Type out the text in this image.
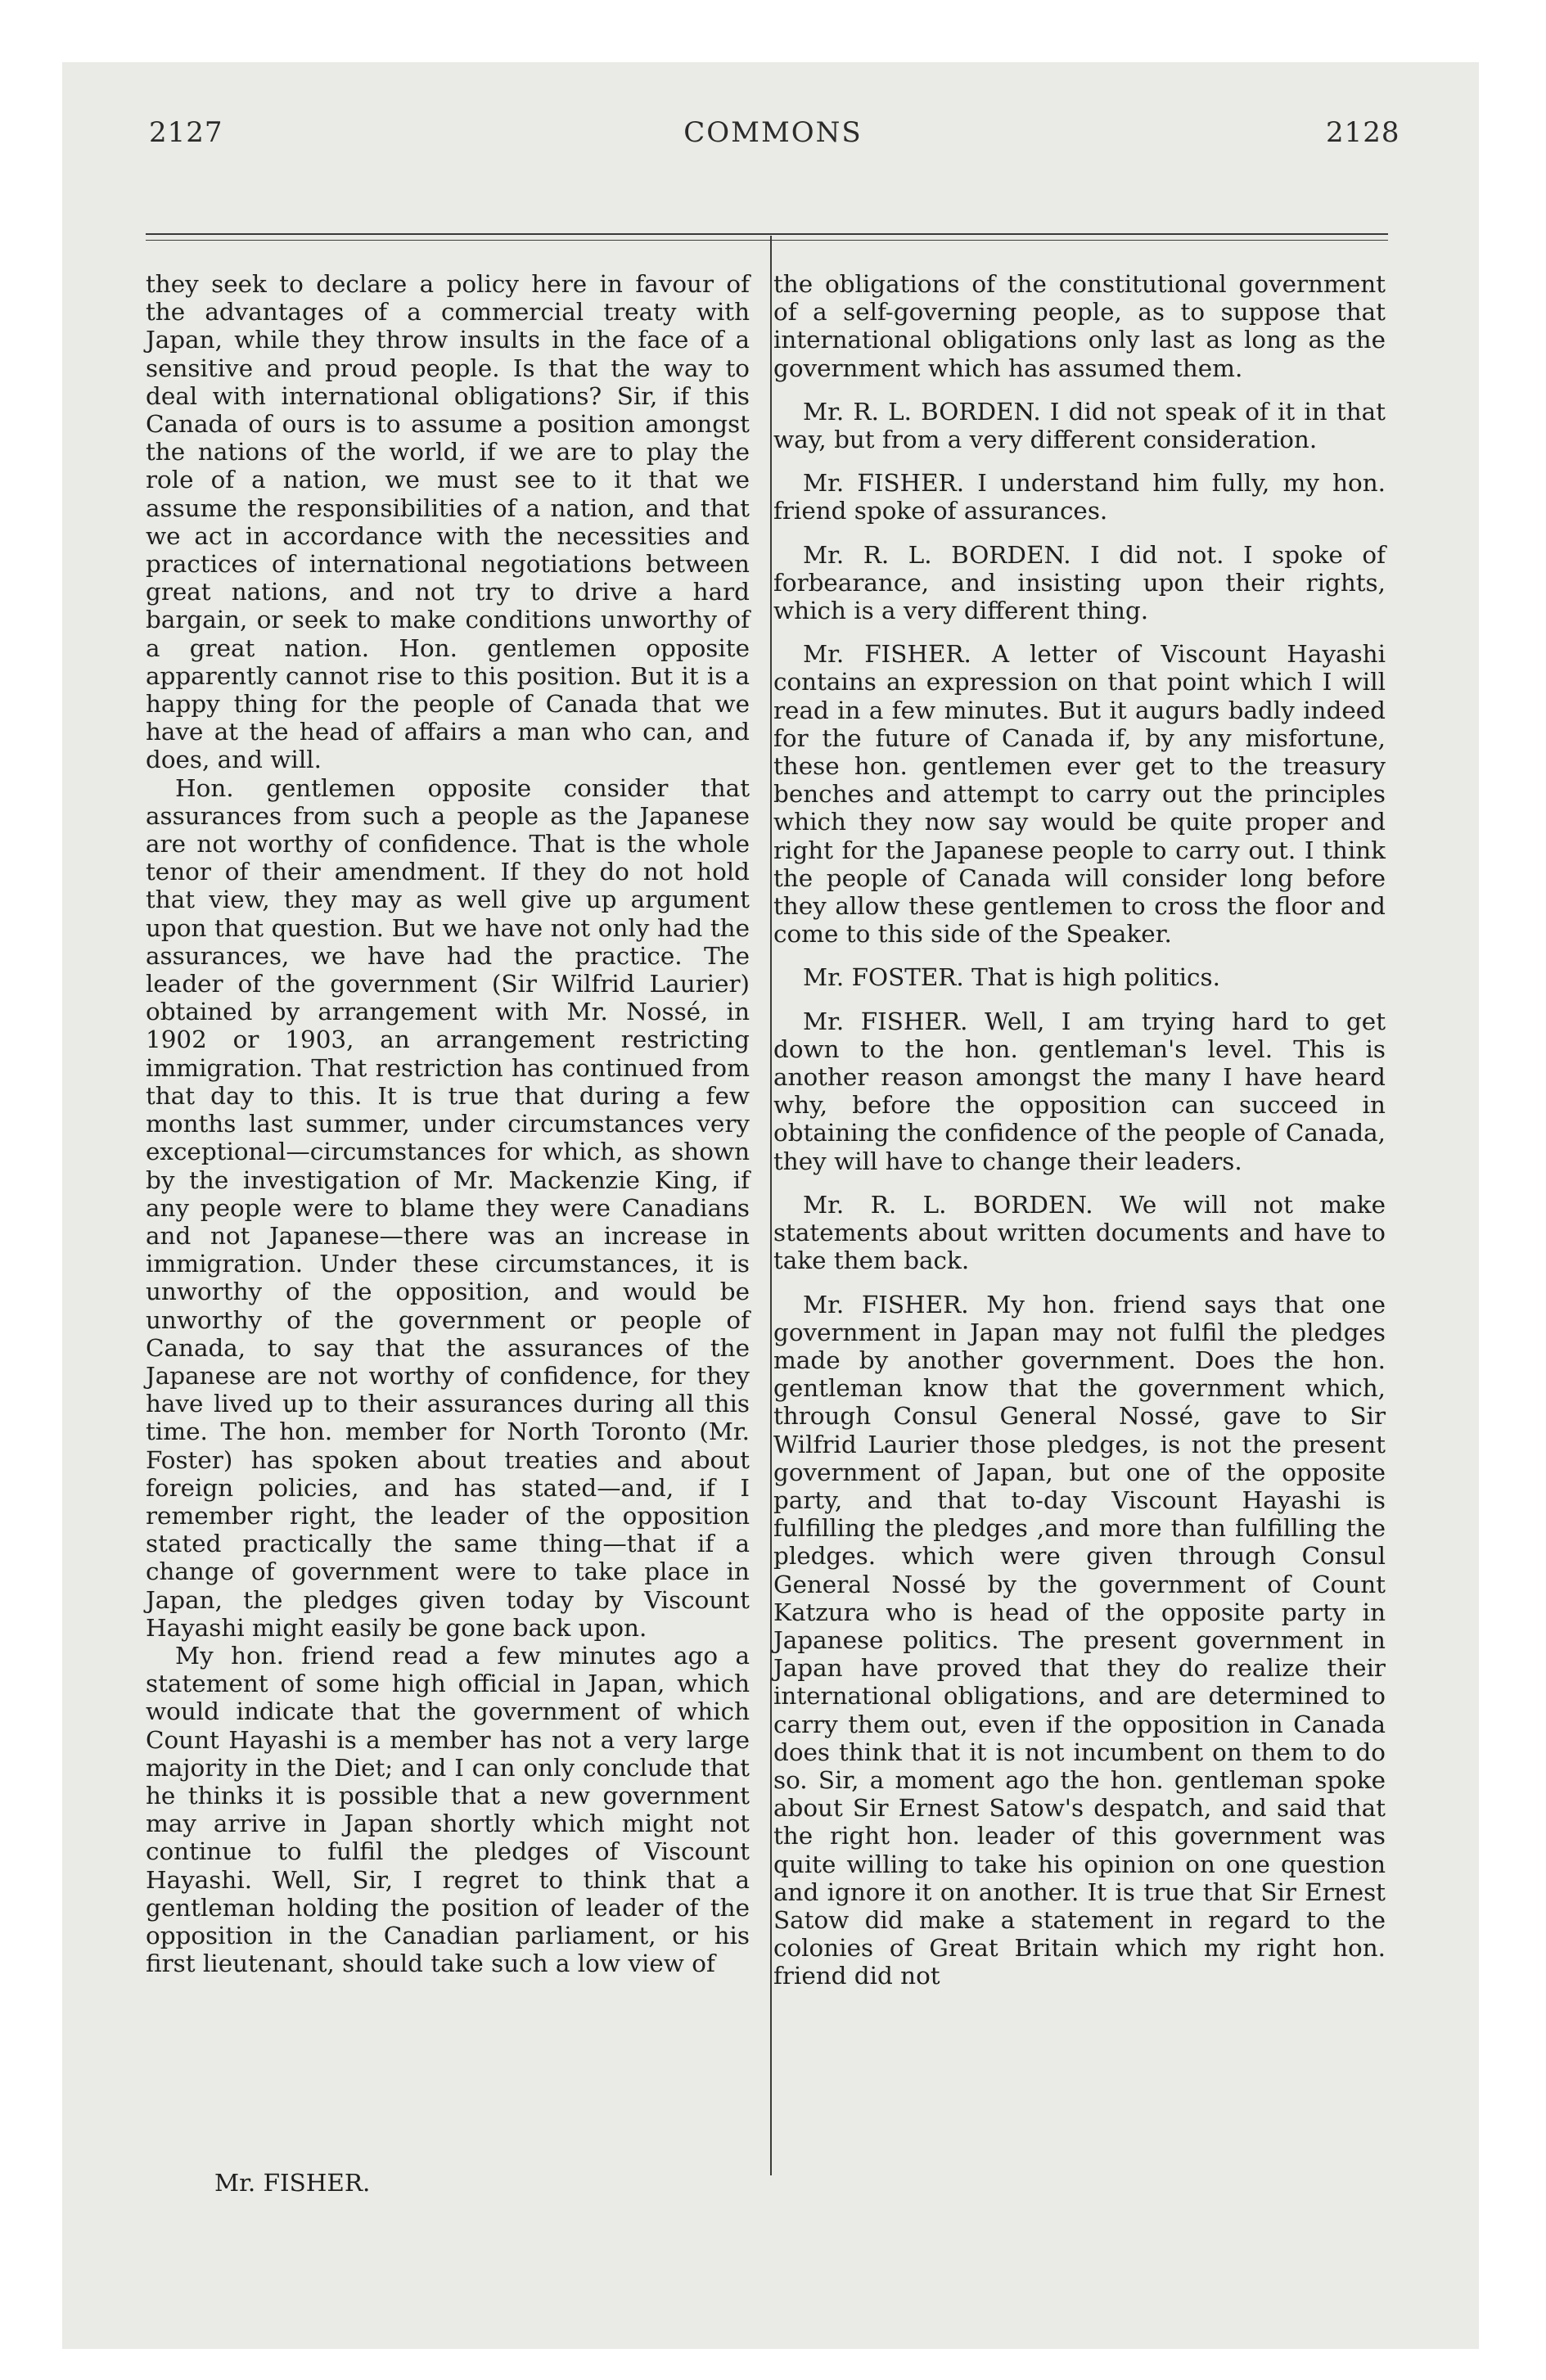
2127	COMMONS	2128

they seek to declare a policy here in favour of the advantages of a commercial treaty with Japan, while they throw insults in the face of a sensitive and proud people. Is that the way to deal with international obligations? Sir, if this Canada of ours is to assume a position amongst the nations of the world, if we are to play the role of a nation, we must see to it that we assume the responsibilities of a nation, and that we act in accordance with the necessities and practices of international negotiations between great nations, and not try to drive a hard bargain, or seek to make conditions unworthy of a great nation. Hon. gentlemen opposite apparently cannot rise to this position. But it is a happy thing for the people of Canada that we have at the head of affairs a man who can, and does, and will.

Hon. gentlemen opposite consider that assurances from such a people as the Japanese are not worthy of confidence. That is the whole tenor of their amendment. If they do not hold that view, they may as well give up argument upon that question. But we have not only had the assurances, we have had the practice. The leader of the government (Sir Wilfrid Laurier) obtained by arrangement with Mr. Nossé, in 1902 or 1903, an arrangement restricting immigration. That restriction has continued from that day to this. It is true that during a few months last summer, under circumstances very exceptional—circumstances for which, as shown by the investigation of Mr. Mackenzie King, if any people were to blame they were Canadians and not Japanese—there was an increase in immigration. Under these circumstances, it is unworthy of the opposition, and would be unworthy of the government or people of Canada, to say that the assurances of the Japanese are not worthy of confidence, for they have lived up to their assurances during all this time. The hon. member for North Toronto (Mr. Foster) has spoken about treaties and about foreign policies, and has stated—and, if I remember right, the leader of the opposition stated practically the same thing—that if a change of government were to take place in Japan, the pledges given today by Viscount Hayashi might easily be gone back upon.

My hon. friend read a few minutes ago a statement of some high official in Japan, which would indicate that the government of which Count Hayashi is a member has not a very large majority in the Diet; and I can only conclude that he thinks it is possible that a new government may arrive in Japan shortly which might not continue to fulfil the pledges of Viscount Hayashi. Well, Sir, I regret to think that a gentleman holding the position of leader of the opposition in the Canadian parliament, or his first lieutenant, should take such a low view of

the obligations of the constitutional government of a self-governing people, as to suppose that international obligations only last as long as the government which has assumed them.

Mr. R. L. BORDEN. I did not speak of it in that way, but from a very different consideration.

Mr. FISHER. I understand him fully, my hon. friend spoke of assurances.

Mr. R. L. BORDEN. I did not. I spoke of forbearance, and insisting upon their rights, which is a very different thing.

Mr. FISHER. A letter of Viscount Hayashi contains an expression on that point which I will read in a few minutes. But it augurs badly indeed for the future of Canada if, by any misfortune, these hon. gentlemen ever get to the treasury benches and attempt to carry out the principles which they now say would be quite proper and right for the Japanese people to carry out. I think the people of Canada will consider long before they allow these gentlemen to cross the floor and come to this side of the Speaker.

Mr. FOSTER. That is high politics.

Mr. FISHER. Well, I am trying hard to get down to the hon. gentleman's level. This is another reason amongst the many I have heard why, before the opposition can succeed in obtaining the confidence of the people of Canada, they will have to change their leaders.

Mr. R. L. BORDEN. We will not make statements about written documents and have to take them back.

Mr. FISHER. My hon. friend says that one government in Japan may not fulfil the pledges made by another government. Does the hon. gentleman know that the government which, through Consul General Nossé, gave to Sir Wilfrid Laurier those pledges, is not the present government of Japan, but one of the opposite party, and that to-day Viscount Hayashi is fulfilling the pledges ,and more than fulfilling the pledges. which were given through Consul General Nossé by the government of Count Katzura who is head of the opposite party in Japanese politics. The present government in Japan have proved that they do realize their international obligations, and are determined to carry them out, even if the opposition in Canada does think that it is not incumbent on them to do so. Sir, a moment ago the hon. gentleman spoke about Sir Ernest Satow's despatch, and said that the right hon. leader of this government was quite willing to take his opinion on one question and ignore it on another. It is true that Sir Ernest Satow did make a statement in regard to the colonies of Great Britain which my right hon. friend did not

Mr. FISHER.
